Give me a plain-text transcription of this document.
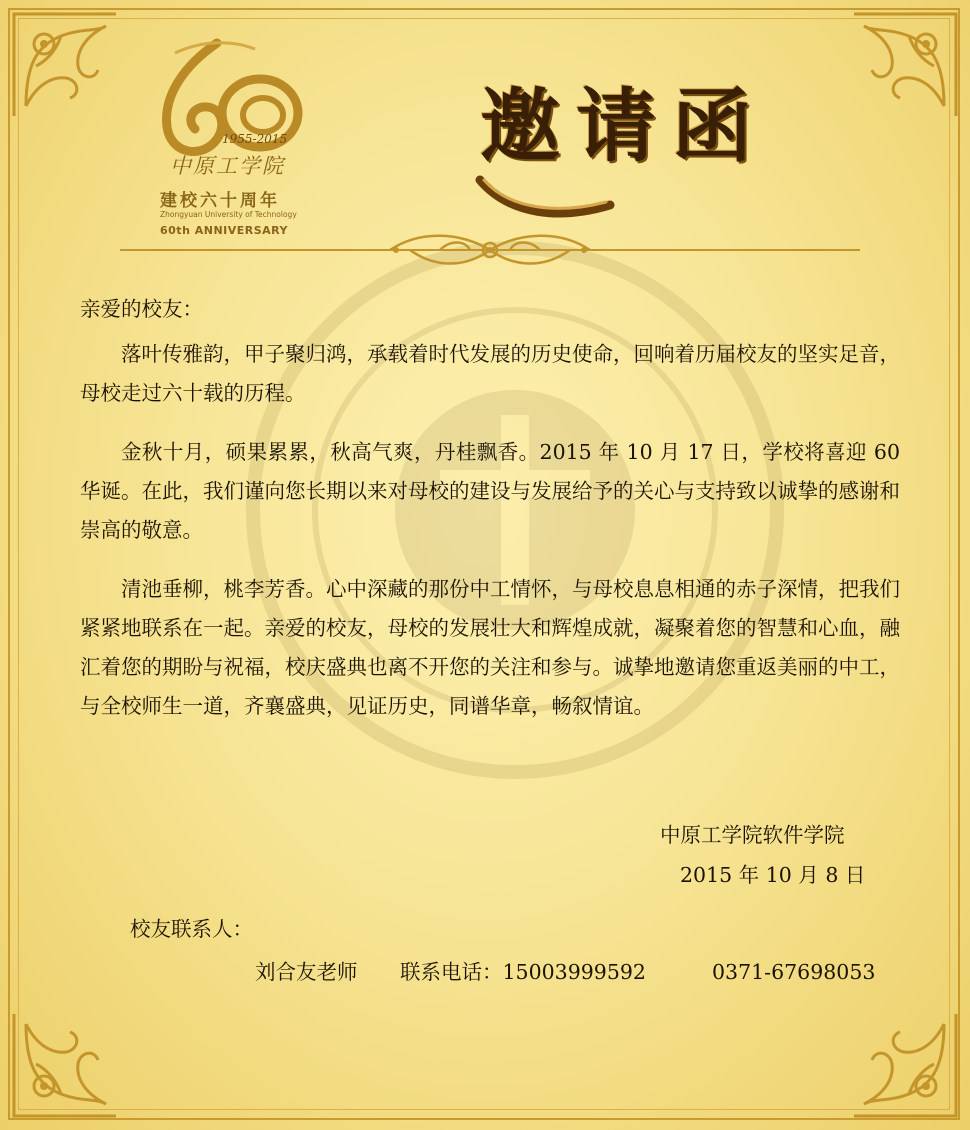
1955-2015
中原工学院
建校六十周年
Zhongyuan University of Technology
60th ANNIVERSARY
邀请函
亲爱的校友：
落叶传雅韵，甲子聚归鸿，承载着时代发展的历史使命，回响着历届校友的坚实足音，母校走过六十载的历程。
金秋十月，硕果累累，秋高气爽，丹桂飘香。2015 年 10 月 17 日，学校将喜迎 60 华诞。在此，我们谨向您长期以来对母校的建设与发展给予的关心与支持致以诚挚的感谢和崇高的敬意。
清池垂柳，桃李芳香。心中深藏的那份中工情怀，与母校息息相通的赤子深情，把我们紧紧地联系在一起。亲爱的校友，母校的发展壮大和辉煌成就，凝聚着您的智慧和心血，融汇着您的期盼与祝福，校庆盛典也离不开您的关注和参与。诚挚地邀请您重返美丽的中工，与全校师生一道，齐襄盛典，见证历史，同谱华章，畅叙情谊。
中原工学院软件学院
2015 年 10 月 8 日
校友联系人：
刘合友老师 联系电话：15003999592	0371-67698053
